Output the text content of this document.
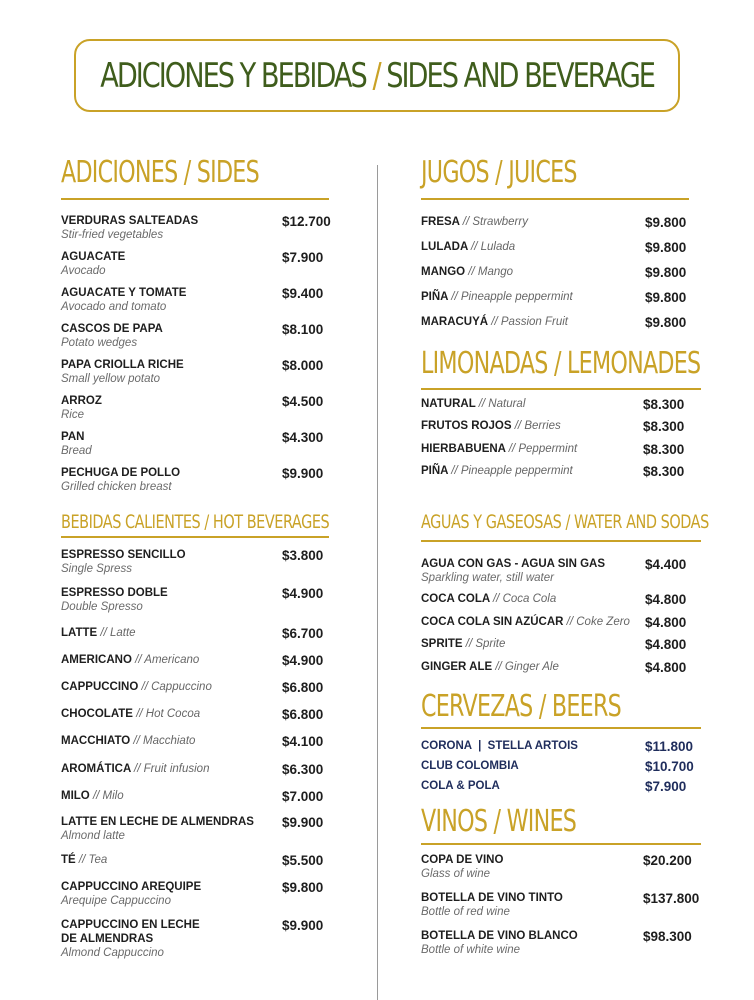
ADICIONES Y BEBIDAS / SIDES AND BEVERAGE
ADICIONES / SIDES
VERDURAS SALTEADAS
Stir-fried vegetables
$12.700
AGUACATE
Avocado
$7.900
AGUACATE Y TOMATE
Avocado and tomato
$9.400
CASCOS DE PAPA
Potato wedges
$8.100
PAPA CRIOLLA RICHE
Small yellow potato
$8.000
ARROZ
Rice
$4.500
PAN
Bread
$4.300
PECHUGA DE POLLO
Grilled chicken breast
$9.900
BEBIDAS CALIENTES / HOT BEVERAGES
ESPRESSO SENCILLO
Single Spress
$3.800
ESPRESSO DOBLE
Double Spresso
$4.900
LATTE // Latte	$6.700
AMERICANO // Americano	$4.900
CAPPUCCINO // Cappuccino	$6.800
CHOCOLATE // Hot Cocoa	$6.800
MACCHIATO // Macchiato	$4.100
AROMÁTICA // Fruit infusion	$6.300
MILO // Milo	$7.000
LATTE EN LECHE DE ALMENDRAS
Almond latte
$9.900
TÉ // Tea	$5.500
CAPPUCCINO AREQUIPE
Arequipe Cappuccino
$9.800
CAPPUCCINO EN LECHE
DE ALMENDRAS
Almond Cappuccino
$9.900
JUGOS / JUICES
FRESA // Strawberry	$9.800
LULADA // Lulada	$9.800
MANGO // Mango	$9.800
PIÑA // Pineapple peppermint	$9.800
MARACUYÁ // Passion Fruit	$9.800
LIMONADAS / LEMONADES
NATURAL // Natural	$8.300
FRUTOS ROJOS // Berries	$8.300
HIERBABUENA // Peppermint	$8.300
PIÑA // Pineapple peppermint	$8.300
AGUAS Y GASEOSAS / WATER AND SODAS
AGUA CON GAS - AGUA SIN GAS
Sparkling water, still water
$4.400
COCA COLA // Coca Cola	$4.800
COCA COLA SIN AZÚCAR // Coke Zero	$4.800
SPRITE // Sprite	$4.800
GINGER ALE // Ginger Ale	$4.800
CERVEZAS / BEERS
CORONA  |  STELLA ARTOIS	$11.800
CLUB COLOMBIA	$10.700
COLA & POLA	$7.900
VINOS / WINES
COPA DE VINO
Glass of wine
$20.200
BOTELLA DE VINO TINTO
Bottle of red wine
$137.800
BOTELLA DE VINO BLANCO
Bottle of white wine
$98.300
